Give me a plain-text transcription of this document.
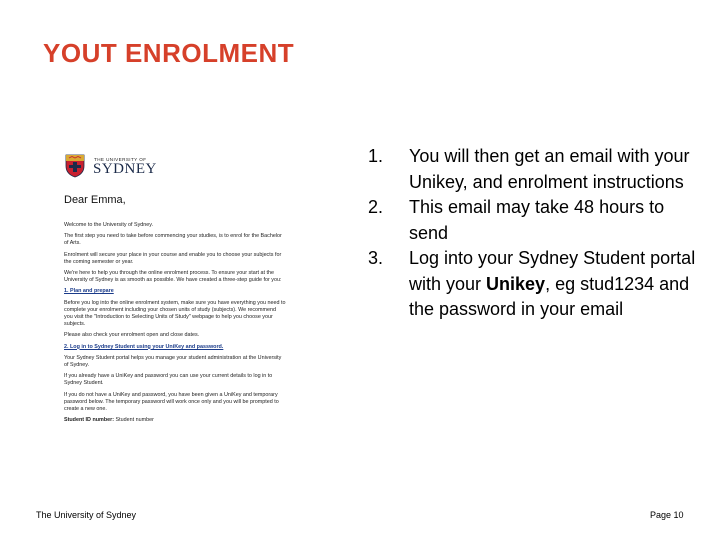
YOUT ENROLMENT
THE UNIVERSITY OF
SYDNEY
Dear Emma,

Welcome to the University of Sydney.

The first step you need to take before commencing your studies, is to enrol for the Bachelor of Arts.

Enrolment will secure your place in your course and enable you to choose your subjects for the coming semester or year.

We're here to help you through the online enrolment process. To ensure your start at the University of Sydney is as smooth as possible. We have created a three-step guide for you:

1. Plan and prepare

Before you log into the online enrolment system, make sure you have everything you need to complete your enrolment including your chosen units of study (subjects). We recommend you visit the "Introduction to Selecting Units of Study" webpage to help you choose your subjects.

Please also check your enrolment open and close dates.

2. Log in to Sydney Student using your UniKey and password.

Your Sydney Student portal helps you manage your student administration at the University of Sydney.

If you already have a UniKey and password you can use your current details to log in to Sydney Student.

If you do not have a UniKey and password, you have been given a UniKey and temporary password below. The temporary password will work once only and you will be prompted to create a new one.

Student ID number: Student number

1.	You will then get an email with your Unikey, and enrolment instructions
2.	This email may take 48 hours to send
3.	Log into your Sydney Student portal with your Unikey, eg stud1234 and the password in your email
The University of Sydney	Page 10
